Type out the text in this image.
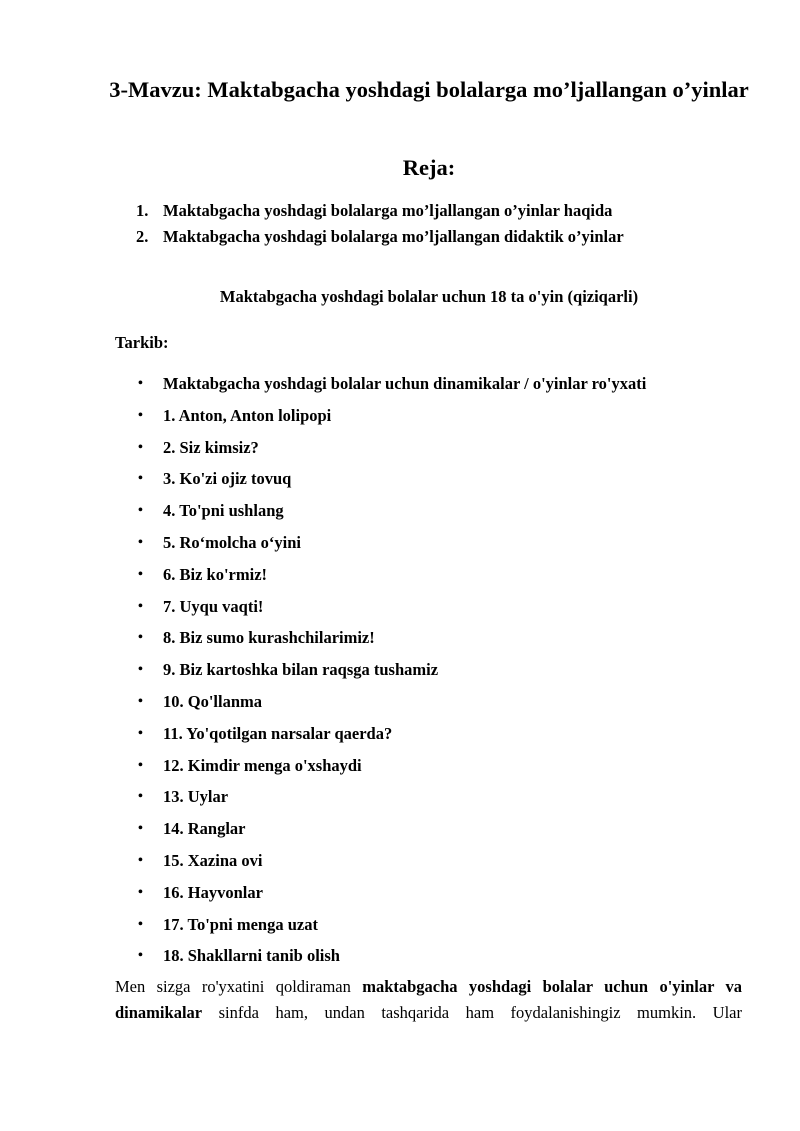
3-Mavzu: Maktabgacha yoshdagi bolalarga mo’ljallangan o’yinlar
Reja:
1. Maktabgacha yoshdagi bolalarga mo’ljallangan o’yinlar haqida
2. Maktabgacha yoshdagi bolalarga mo’ljallangan didaktik o’yinlar
Maktabgacha yoshdagi bolalar uchun 18 ta o'yin (qiziqarli)
Tarkib:
• Maktabgacha yoshdagi bolalar uchun dinamikalar / o'yinlar ro'yxati
• 1. Anton, Anton lolipopi
• 2. Siz kimsiz?
• 3. Ko'zi ojiz tovuq
• 4. To'pni ushlang
• 5. Ro‘molcha o‘yini
• 6. Biz ko'rmiz!
• 7. Uyqu vaqti!
• 8. Biz sumo kurashchilarimiz!
• 9. Biz kartoshka bilan raqsga tushamiz
• 10. Qo'llanma
• 11. Yo'qotilgan narsalar qaerda?
• 12. Kimdir menga o'xshaydi
• 13. Uylar
• 14. Ranglar
• 15. Xazina ovi
• 16. Hayvonlar
• 17. To'pni menga uzat
• 18. Shakllarni tanib olish
Men sizga ro'yxatini qoldiraman maktabgacha yoshdagi bolalar uchun o'yinlar va dinamikalar sinfda ham, undan tashqarida ham foydalanishingiz mumkin. Ular
